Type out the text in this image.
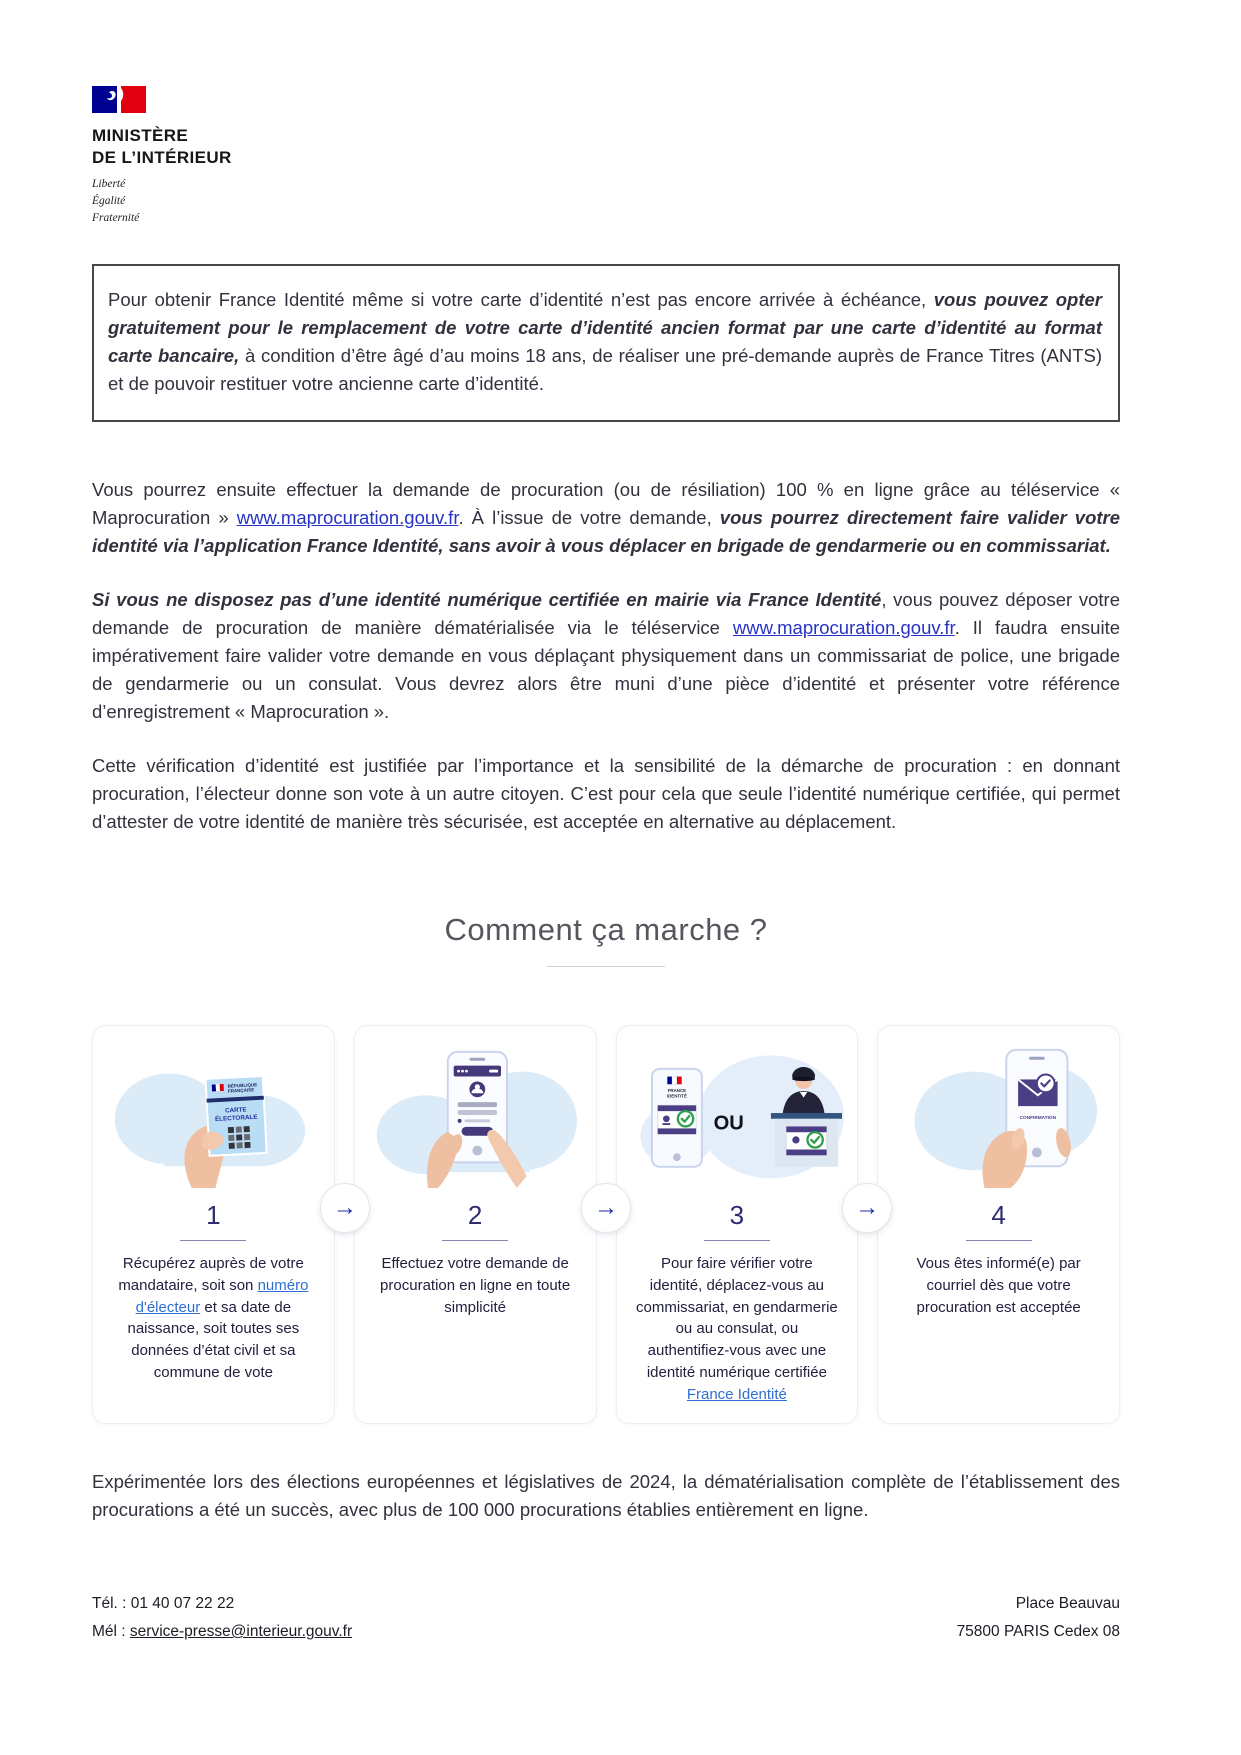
MINISTÈRE
DE L’INTÉRIEUR
Liberté
Égalité
Fraternité
Pour obtenir France Identité même si votre carte d’identité n’est pas encore arrivée à échéance, vous pouvez opter gratuitement pour le remplacement de votre carte d’identité ancien format par une carte d’identité au format carte bancaire, à condition d’être âgé d’au moins 18 ans, de réaliser une pré-demande auprès de France Titres (ANTS) et de pouvoir restituer votre ancienne carte d’identité.

Vous pourrez ensuite effectuer la demande de procuration (ou de résiliation) 100 % en ligne grâce au téléservice « Maprocuration » www.maprocuration.gouv.fr. À l’issue de votre demande, vous pourrez directement faire valider votre identité via l’application France Identité, sans avoir à vous déplacer en brigade de gendarmerie ou en commissariat.

Si vous ne disposez pas d’une identité numérique certifiée en mairie via France Identité, vous pouvez déposer votre demande de procuration de manière dématérialisée via le téléservice www.maprocuration.gouv.fr. Il faudra ensuite impérativement faire valider votre demande en vous déplaçant physiquement dans un commissariat de police, une brigade de gendarmerie ou un consulat. Vous devrez alors être muni d’une pièce d’identité et présenter votre référence d’enregistrement « Maprocuration ».

Cette vérification d’identité est justifiée par l’importance et la sensibilité de la démarche de procuration : en donnant procuration, l’électeur donne son vote à un autre citoyen. C’est pour cela que seule l’identité numérique certifiée, qui permet d’attester de votre identité de manière très sécurisée, est acceptée en alternative au déplacement.

Comment ça marche ?
RÉPUBLIQUE
FRANÇAISE
CARTE
ÉLECTORALE
1
Récupérez auprès de votre mandataire, soit son numéro d'électeur et sa date de naissance, soit toutes ses données d’état civil et sa commune de vote
2
Effectuez votre demande de procuration en ligne en toute simplicité
FRANCE
IDENTITÉ
OU
3
Pour faire vérifier votre identité, déplacez-vous au commissariat, en gendarmerie ou au consulat, ou authentifiez-vous avec une identité numérique certifiée France Identité
CONFIRMATION
4
Vous êtes informé(e) par courriel dès que votre procuration est acceptée
→	→	→

Expérimentée lors des élections européennes et législatives de 2024, la dématérialisation complète de l’établissement des procurations a été un succès, avec plus de 100 000 procurations établies entièrement en ligne.

Tél. : 01 40 07 22 22
Mél : service-presse@interieur.gouv.fr
Place Beauvau
75800 PARIS Cedex 08
